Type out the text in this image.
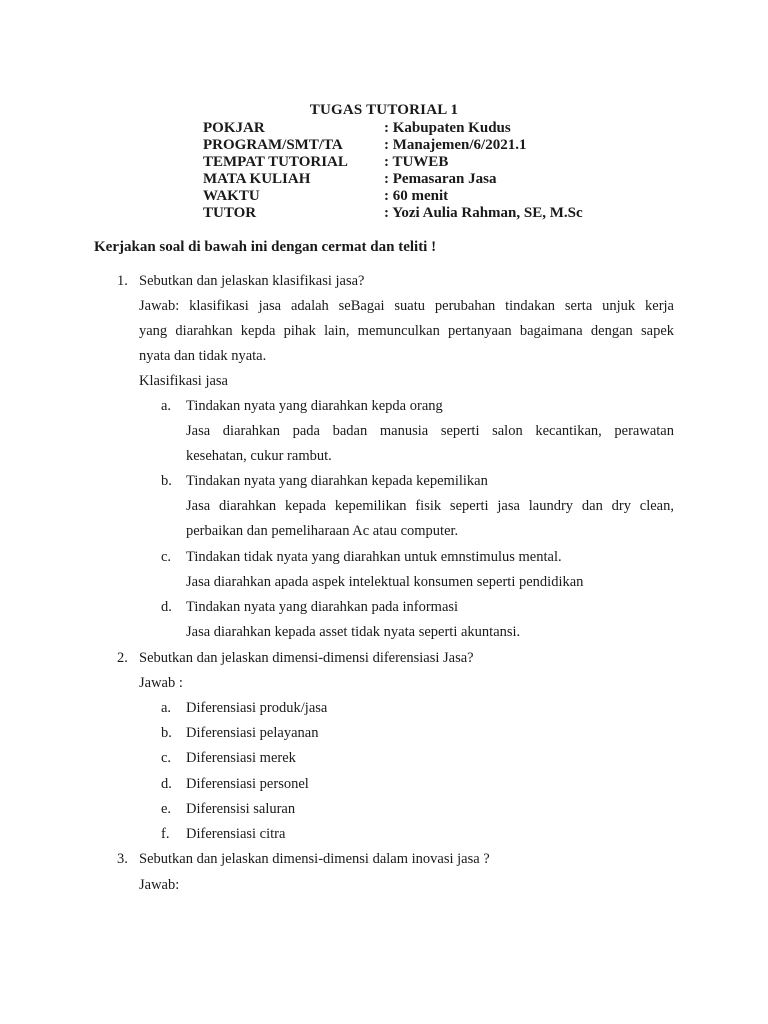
TUGAS TUTORIAL 1
POKJAR	: Kabupaten Kudus
PROGRAM/SMT/TA	: Manajemen/6/2021.1
TEMPAT TUTORIAL : TUWEB
MATA KULIAH	: Pemasaran Jasa
WAKTU	: 60 menit
TUTOR	: Yozi Aulia Rahman, SE, M.Sc
Kerjakan soal di bawah ini dengan cermat dan teliti !
1. Sebutkan dan jelaskan klasifikasi jasa?
Jawab: klasifikasi jasa adalah seBagai suatu perubahan tindakan serta unjuk kerja
yang diarahkan kepda pihak lain, memunculkan pertanyaan bagaimana dengan sapek
nyata dan tidak nyata.
Klasifikasi jasa
a. Tindakan nyata yang diarahkan kepda orang
Jasa diarahkan pada badan manusia seperti salon kecantikan, perawatan
kesehatan, cukur rambut.
b. Tindakan nyata yang diarahkan kepada kepemilikan
Jasa diarahkan kepada kepemilikan fisik seperti jasa laundry dan dry clean,
perbaikan dan pemeliharaan Ac atau computer.
c. Tindakan tidak nyata yang diarahkan untuk emnstimulus mental.
Jasa diarahkan apada aspek intelektual konsumen seperti pendidikan
d. Tindakan nyata yang diarahkan pada informasi
Jasa diarahkan kepada asset tidak nyata seperti akuntansi.
2. Sebutkan dan jelaskan dimensi-dimensi diferensiasi Jasa?
Jawab :
a. Diferensiasi produk/jasa
b. Diferensiasi pelayanan
c. Diferensiasi merek
d. Diferensiasi personel
e. Diferensisi saluran
f. Diferensiasi citra
3. Sebutkan dan jelaskan dimensi-dimensi dalam inovasi jasa ?
Jawab:
